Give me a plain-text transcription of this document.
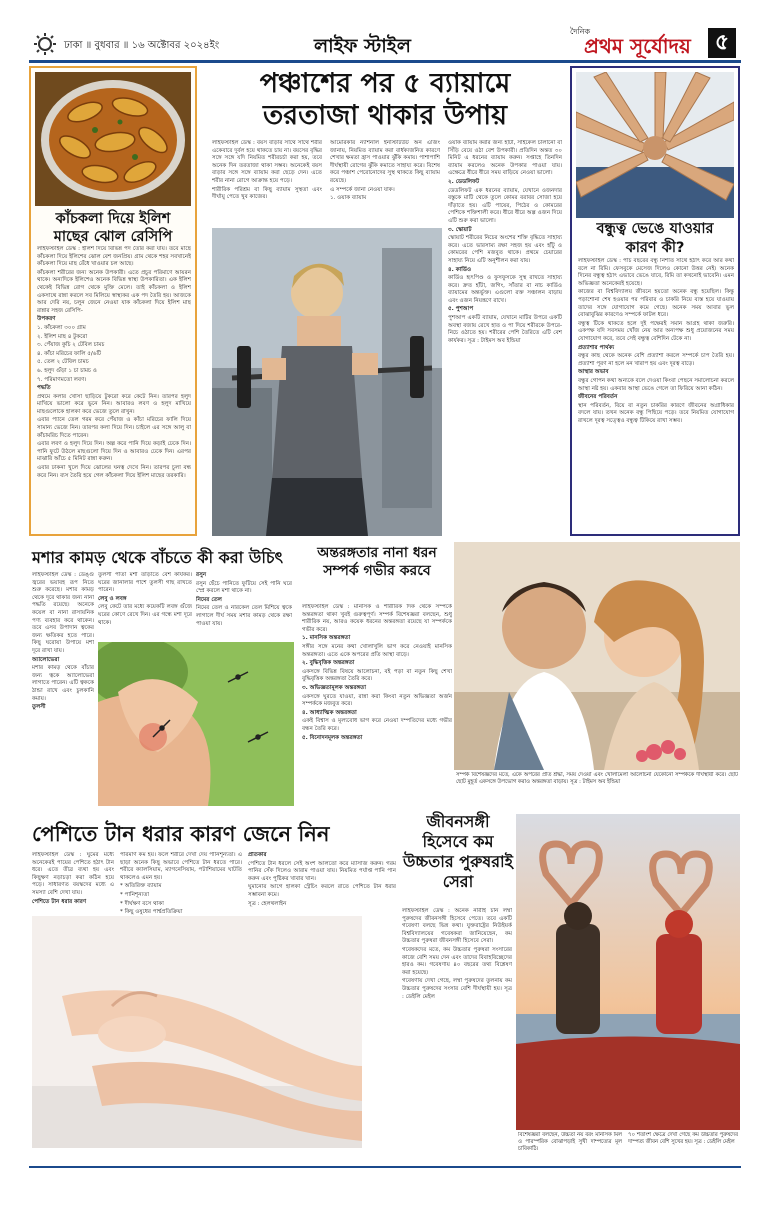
ঢাকা ॥ বুধবার ॥ ১৬ অক্টোবর ২০২৪ইং	লাইফ স্টাইল
দৈনিক
প্রথম সূর্যোদয়	৫
কাঁচকলা দিয়ে ইলিশ মাছের ঝোল রেসিপি

লাইফস্টাইল ডেস্ক : ইলিশ দিয়ে বিভিন্ন পদ তৈরি করা যায়। তবে মাছে কাঁচকলা দিয়ে ইলিশের ঝোল বেশ জনপ্রিয়। গ্রাম থেকে শহর সবখানেই কাঁচকলা দিয়ে মাছ রেঁধে খাওয়ার চল আছে।

কাঁচকলা শরীরের জন্য অনেক উপকারী। এতে প্রচুর পরিমাণে আয়রন থাকে। অন্যদিকে ইলিশেও অনেক বিভিন্ন স্বাস্থ্য উপকারিতা। এক ইলিশ থেকেই বিভিন্ন রোগ থেকে মুক্তি মেলে। তাই কাঁচকলা ও ইলিশ একসাথে রান্না করলে সব মিলিয়ে স্বাস্থ্যকর এক পদ তৈরি হয়। আজকে আর দেরি নয়, চলুন জেনে নেওয়া যাক কাঁচকলা দিয়ে ইলিশ মাছ রান্নার সহজ রেসিপি-

উপকরণ

১. কাঁচকলা ৩০০ গ্রাম

২. ইলিশ মাছ ৪ টুকরো

৩. পেঁয়াজ কুচি ২ টেবিল চামচ

৪. কাঁচা মরিচের ফালি ৫/৬টি

৫. তেল ২ টেবিল চামচ

৬. হলুদ গুঁড়া ১ চা চামচ ও

৭. পরিমাণমতো লবণ।

পদ্ধতি

প্রথমে কলার খোসা ছাড়িয়ে টুকরো করে কেটে নিন। তারপর হলুদ মাখিয়ে ভালো করে ভুনে নিন। আবারও লবণ ও হলুদ মাখিয়ে মাছগুলোকে হালকা করে ভেজে তুলে রাখুন।

এবার প্যানে তেল গরম করে পেঁয়াজ ও কাঁচা মরিচের ফালি দিয়ে সামান্য ভেজে নিন। তারপর কলা দিয়ে দিন। চাইলে এর সঙ্গে আলু বা কাঁচামরিচ দিতে পারেন।

এবার লবণ ও হলুদ দিয়ে দিন। অল্প করে পানি দিয়ে কড়াই ঢেকে দিন। পানি ফুটে উঠলে মাছগুলো দিয়ে দিন ও আবারও ঢেকে দিন। এরপর মাঝারি আঁচে ৫ মিনিট রান্না করুন।

এবার ঢাকনা খুলে দিয়ে ঝোলের ঘনত্ব দেখে নিন। তারপর চুলা বন্ধ করে নিন। ব্যস তৈরি হয়ে গেল কাঁচকলা দিয়ে ইলিশ মাছের তরকারি।

পঞ্চাশের পর ৫ ব্যায়ামে
তরতাজা থাকার উপায়

লাইফস্টাইল ডেস্ক : বয়স বাড়ার সাথে সাথে শরীর একেবারে দুর্বল হয়ে থাকতে চায় না। বয়সের বৃদ্ধির সঙ্গে সঙ্গে যদি নিয়মিত শরীরচর্চা করা হয়, তবে অনেক দিন তরতাজা থাকা সম্ভব। অনেকেই বয়স বাড়ার সঙ্গে সঙ্গে ব্যায়াম করা ছেড়ে দেন। এতে শরীর নানা রোগে আক্রান্ত হয়ে পড়ে।

শারীরিক পরিশ্রম বা কিছু ব্যায়াম সুস্থতা এবং দীর্ঘায়ু পেতে খুব কাজের।

আমেরিকার ন্যাশনাল ইনস্টিটিউট অন এজিং জানায়, নিয়মিত ব্যায়াম করা বার্ধক্যজনিত কারণে শেখার ক্ষমতা হ্রাস পাওয়ার ঝুঁকি কমায়। পাশাপাশি দীর্ঘস্থায়ী রোগের ঝুঁকি কমাতে সাহায্য করে। বিশেষ করে পঞ্চাশ পেরোনোদের সুস্থ থাকতে কিছু ব্যায়াম রয়েছে।

এ সম্পর্কে জানা নেওয়া যাক।

১. ওয়াক ব্যায়াম

ওয়াক ব্যায়াম করার জন্য হাঁটা, সাইকেল চালানো বা সিঁড়ি বেয়ে ওঠা বেশ উপকারী। প্রতিদিন অন্তত ৩০ মিনিট এ ধরনের ব্যায়াম করুন। সপ্তাহে তিনদিন ব্যায়াম করলেও অনেক উপকার পাওয়া যায়। এক্ষেত্রে ধীরে ধীরে সময় বাড়িয়ে নেওয়া ভালো।

২. ডেডলিফট

ডেডলিফট এক ধরনের ব্যায়াম, যেখানে ওজনদার বস্তুকে মাটি থেকে তুলে কোমর বরাবর সোজা হয়ে দাঁড়াতে হয়। এটি পায়ের, পিঠের ও কোমরের পেশিকে শক্তিশালী করে। ধীরে ধীরে অল্প ওজন দিয়ে এটি শুরু করা ভালো।

৩. স্কোয়াট

স্কোয়াট শরীরের নিচের অংশের শক্তি বৃদ্ধিতে সাহায্য করে। এতে ভারসাম্য রক্ষা সহজ হয় এবং হাঁটু ও কোমরের পেশি মজবুত থাকে। প্রথমে চেয়ারের সাহায্য নিয়ে এটি অনুশীলন করা যায়।

৪. কার্ডিও

কার্ডিও হৃৎপিণ্ড ও ফুসফুসকে সুস্থ রাখতে সাহায্য করে। দ্রুত হাঁটা, জগিং, সাঁতার বা নাচ কার্ডিও ব্যায়ামের অন্তর্ভুক্ত। এগুলো রক্ত সঞ্চালন বাড়ায় এবং ওজন নিয়ন্ত্রণে রাখে।

৫. পুশআপ

পুশআপ একটি ব্যায়াম, যেখানে মাটির উপরে একটি অবস্থা বজায় রেখে হাত ও পা দিয়ে শরীরকে উপরে-নিচে ওঠাতে হয়। শরীরের পেশি তৈরিতে এটি বেশ কার্যকর। সূত্র : টাইমস অব ইন্ডিয়া

বন্ধুত্ব ভেঙে যাওয়ার কারণ কী?

লাইফস্টাইল ডেস্ক : পাঁচ বছরের বন্ধু নিশাত সাথে হঠাৎ করে আর কথা বলে না রিমি। ফেসবুকে মেসেজ দিলেও কোনো উত্তর নেই। অনেক দিনের বন্ধুত্ব হঠাৎ এভাবে ভেঙে যাবে, রিমি তা কখনোই ভাবেনি। এমন অভিজ্ঞতা অনেকেরই হয়েছে।

কাজের বা বিশ্ববিদ্যালয় জীবনে হয়তো অনেক বন্ধু হয়েছিল। কিন্তু পড়াশোনা শেষ হওয়ার পর পরিবার ও চাকরি নিয়ে ব্যস্ত হয়ে যাওয়ায় তাদের সঙ্গে যোগাযোগ কমে গেছে। অনেক সময় আবার ভুল বোঝাবুঝির কারণেও সম্পর্কে ফাটল ধরে।

বন্ধুত্ব টিকে থাকতে হলে দুই পক্ষেরই সমান আগ্রহ থাকা জরুরি। একপক্ষ যদি সবসময় খোঁজ নেয় আর অন্যপক্ষ শুধু প্রয়োজনের সময় যোগাযোগ করে, তবে সেই বন্ধুত্ব বেশিদিন টেকে না।

প্রত্যাশার পার্থক্য

বন্ধুর কাছ থেকে অনেক বেশি প্রত্যাশা করলে সম্পর্কে চাপ তৈরি হয়। প্রত্যাশা পূরণ না হলে মন খারাপ হয় এবং দূরত্ব বাড়ে।

আস্থার অভাব

বন্ধুর গোপন কথা অন্যকে বলে দেওয়া কিংবা পেছনে সমালোচনা করলে আস্থা নষ্ট হয়। একবার আস্থা ভেঙে গেলে তা ফিরিয়ে আনা কঠিন।

জীবনের পরিবর্তন

স্থান পরিবর্তন, বিয়ে বা নতুন চাকরির কারণে জীবনের অগ্রাধিকার বদলে যায়। তখন অনেক বন্ধু পিছিয়ে পড়ে। তবে নিয়মিত যোগাযোগ রাখলে দূরত্ব সত্ত্বেও বন্ধুত্ব টিকিয়ে রাখা সম্ভব।

মশার কামড় থেকে বাঁচতে কী করা উচিৎ

লাইফস্টাইল ডেস্ক : ডেঙ্গু জ্বরের ভয়াবহ রূপ নিতে শুরু করেছে। মশার কামড় থেকে দূরে থাকার জন্য নানা পদ্ধতি রয়েছে। অনেকে কয়েল বা নানা রাসায়নিক পণ্য ব্যবহার করে থাকেন। তবে এসব উপাদান ত্বকের জন্য ক্ষতিকর হতে পারে। কিছু ঘরোয়া উপায়ে মশা দূরে রাখা যায়।

অ্যালোভেরা

মশার কামড় থেকে বাঁচার জন্য ত্বকে অ্যালোভেরা লাগাতে পারেন। এটি ত্বককে ঠান্ডা রাখে এবং চুলকানি কমায়।

তুলসী

তুলসী পাতা মশা তাড়াতে বেশ কার্যকর। ঘরের জানালার পাশে তুলসী গাছ রাখতে পারেন।

লেবু ও লবঙ্গ

লেবু কেটে তার মধ্যে কয়েকটি লবঙ্গ গুঁজে ঘরের কোণে রেখে দিন। এর গন্ধে মশা দূরে থাকে।

রসুন

রসুন ছেঁচে পানিতে ফুটিয়ে সেই পানি ঘরে স্প্রে করলে মশা থাকে না।

নিমের তেল

নিমের তেল ও নারকেল তেল মিশিয়ে ত্বকে লাগালে দীর্ঘ সময় মশার কামড় থেকে রক্ষা পাওয়া যায়।

অন্তরঙ্গতার নানা ধরন সম্পর্ক গভীর করবে

লাইফস্টাইল ডেস্ক : মানসিক ও শারীরিক দিক থেকে সম্পর্কে অন্তরঙ্গতা থাকা খুবই গুরুত্বপূর্ণ। সম্পর্ক বিশেষজ্ঞরা বলছেন, শুধু শারীরিক নয়, আরও কয়েক ধরনের অন্তরঙ্গতা রয়েছে যা সম্পর্ককে গভীর করে।

১. মানসিক অন্তরঙ্গতা

সঙ্গীর সঙ্গে মনের কথা খোলাখুলি ভাগ করে নেওয়াই মানসিক অন্তরঙ্গতা। এতে একে অপরের প্রতি আস্থা বাড়ে।

২. বুদ্ধিবৃত্তিক অন্তরঙ্গতা

একসঙ্গে বিভিন্ন বিষয়ে আলোচনা, বই পড়া বা নতুন কিছু শেখা বুদ্ধিবৃত্তিক অন্তরঙ্গতা তৈরি করে।

৩. অভিজ্ঞতামূলক অন্তরঙ্গতা

একসঙ্গে ঘুরতে যাওয়া, রান্না করা কিংবা নতুন অভিজ্ঞতা অর্জন সম্পর্ককে মজবুত করে।

৪. আধ্যাত্মিক অন্তরঙ্গতা

একই বিশ্বাস ও মূল্যবোধ ভাগ করে নেওয়া দম্পতিদের মধ্যে গভীর বন্ধন তৈরি করে।

৫. বিনোদনমূলক অন্তরঙ্গতা

সম্পর্ক বিশেষজ্ঞদের মতে, একে অপরের প্রতি শ্রদ্ধা, সময় দেওয়া এবং খোলামেলা আলোচনা যেকোনো সম্পর্ককে দীর্ঘস্থায়ী করে। ছোট ছোট মুহূর্ত একসঙ্গে উপভোগ করাও অন্তরঙ্গতা বাড়ায়। সূত্র : টাইমস অব ইন্ডিয়া
পেশিতে টান ধরার কারণ জেনে নিন

লাইফস্টাইল ডেস্ক : ঘুমের মধ্যে অনেকেরই পায়ের পেশিতে হঠাৎ টান ধরে। এতে তীব্র ব্যথা হয় এবং কিছুক্ষণ নড়াচড়া করা কঠিন হয়ে পড়ে। সাধারণত বয়স্কদের মধ্যে এ সমস্যা বেশি দেখা যায়।

পেশিতে টান ধরার কারণ

পরিমাণ কম হয়। ফলে শরীরে দেখা দেয় পানিশূন্যতা। এ ছাড়া অনেক কিছু অভাবে পেশিতে টান ধরতে পারে। শরীরে ক্যালসিয়াম, ম্যাগনেসিয়াম, পটাশিয়ামের ঘাটতি থাকলেও এমন হয়।

* অতিরিক্ত ব্যায়াম

* পানিশূন্যতা

* দীর্ঘক্ষণ বসে থাকা

* কিছু ওষুধের পার্শ্বপ্রতিক্রিয়া

প্রতিকার

পেশিতে টান ধরলে সেই অংশ আলতো করে ম্যাসাজ করুন। গরম পানির সেঁক দিলেও আরাম পাওয়া যায়। নিয়মিত পর্যাপ্ত পানি পান করুন এবং পুষ্টিকর খাবার খান।

ঘুমানোর আগে হালকা স্ট্রেচিং করলে রাতে পেশিতে টান ধরার সম্ভাবনা কমে।

সূত্র : হেলথলাইন

জীবনসঙ্গী হিসেবে কম উচ্চতার পুরুষরাই সেরা

লাইফস্টাইল ডেস্ক : অনেক নারীই চান লম্বা পুরুষদের জীবনসঙ্গী হিসেবে পেতে। তবে একটি গবেষণা বলছে ভিন্ন কথা। যুক্তরাষ্ট্রের নিউইয়র্ক বিশ্ববিদ্যালয়ের গবেষকরা জানিয়েছেন, কম উচ্চতার পুরুষরা জীবনসঙ্গী হিসেবে সেরা।

গবেষকদের মতে, কম উচ্চতার পুরুষরা সংসারের কাজে বেশি সময় দেন এবং তাদের বিবাহবিচ্ছেদের হারও কম। গবেষণায় ৪০ বছরের তথ্য বিশ্লেষণ করা হয়েছে।

গবেষণায় দেখা গেছে, লম্বা পুরুষদের তুলনায় কম উচ্চতার পুরুষদের সংসার বেশি দীর্ঘস্থায়ী হয়। সূত্র : ডেইলি মেইল

বিশেষজ্ঞরা বলছেন, উচ্চতা নয় বরং মানসিক মিল ও পারস্পরিক বোঝাপড়াই সুখী দাম্পত্যের মূল চাবিকাঠি।
৭০ শতাংশ ক্ষেত্রে দেখা গেছে কম উচ্চতার পুরুষদের দাম্পত্য জীবন বেশি সুখের হয়। সূত্র : ডেইলি মেইল
